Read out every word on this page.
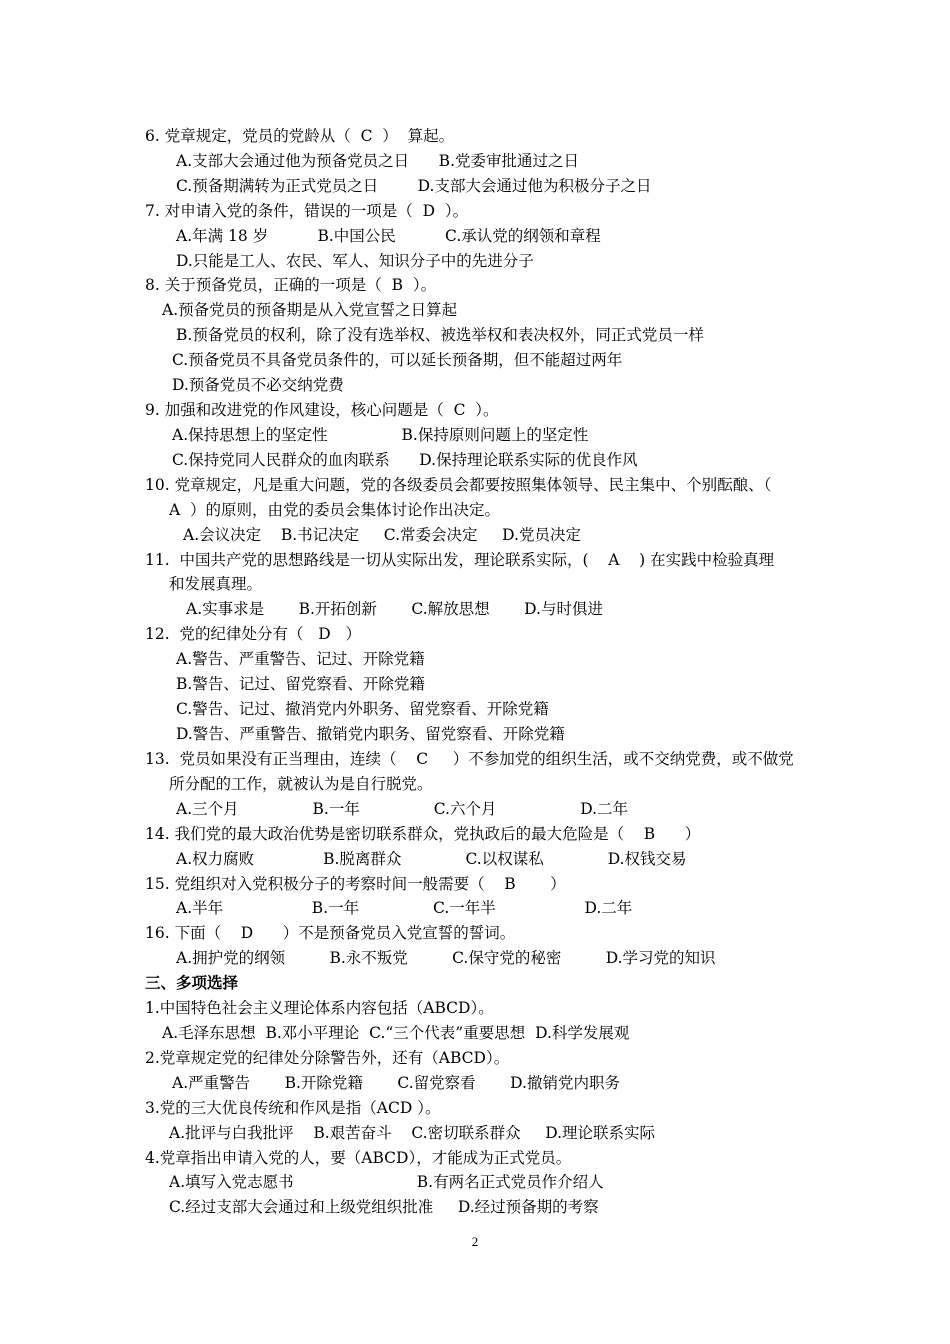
6. 党章规定，党员的党龄从（  C  ）  算起。
A.支部大会通过他为预备党员之日      B.党委审批通过之日
C.预备期满转为正式党员之日        D.支部大会通过他为积极分子之日
7. 对申请入党的条件，错误的一项是（  D  ）。
A.年满 18 岁          B.中国公民          C.承认党的纲领和章程
D.只能是工人、农民、军人、知识分子中的先进分子
8. 关于预备党员，正确的一项是（  B  ）。
A.预备党员的预备期是从入党宣誓之日算起
B.预备党员的权利，除了没有选举权、被选举权和表决权外，同正式党员一样
C.预备党员不具备党员条件的，可以延长预备期，但不能超过两年
D.预备党员不必交纳党费
9. 加强和改进党的作风建设，核心问题是（  C  ）。
A.保持思想上的坚定性               B.保持原则问题上的坚定性
C.保持党同人民群众的血肉联系      D.保持理论联系实际的优良作风
10. 党章规定，凡是重大问题，党的各级委员会都要按照集体领导、民主集中、个别酝酿、（
A  ）的原则，由党的委员会集体讨论作出决定。
A.会议决定    B.书记决定     C.常委会决定     D.党员决定
11.  中国共产党的思想路线是一切从实际出发，理论联系实际，(    A    ) 在实践中检验真理
和发展真理。
A.实事求是       B.开拓创新       C.解放思想       D.与时俱进
12.  党的纪律处分有（   D   ）
A.警告、严重警告、记过、开除党籍
B.警告、记过、留党察看、开除党籍
C.警告、记过、撤消党内外职务、留党察看、开除党籍
D.警告、严重警告、撤销党内职务、留党察看、开除党籍
13.  党员如果没有正当理由，连续（    C     ）不参加党的组织生活，或不交纳党费，或不做党
所分配的工作，就被认为是自行脱党。
A.三个月               B.一年               C.六个月                 D.二年
14. 我们党的最大政治优势是密切联系群众，党执政后的最大危险是（    B      ）
A.权力腐败              B.脱离群众             C.以权谋私             D.权钱交易
15. 党组织对入党积极分子的考察时间一般需要（    B       ）
A.半年                  B.一年               C.一年半                  D.二年
16. 下面（    D      ）不是预备党员入党宣誓的誓词。
A.拥护党的纲领         B.永不叛党         C.保守党的秘密         D.学习党的知识
三、多项选择
1.中国特色社会主义理论体系内容包括（ABCD）。
A.毛泽东思想  B.邓小平理论  C.“三个代表”重要思想  D.科学发展观
2.党章规定党的纪律处分除警告外，还有（ABCD）。
A.严重警告       B.开除党籍       C.留党察看       D.撤销党内职务
3.党的三大优良传统和作风是指（ACD ）。
A.批评与白我批评    B.艰苦奋斗    C.密切联系群众     D.理论联系实际
4.党章指出申请入党的人，要（ABCD），才能成为正式党员。
A.填写入党志愿书                         B.有两名正式党员作介绍人
C.经过支部大会通过和上级党组织批准     D.经过预备期的考察
2
